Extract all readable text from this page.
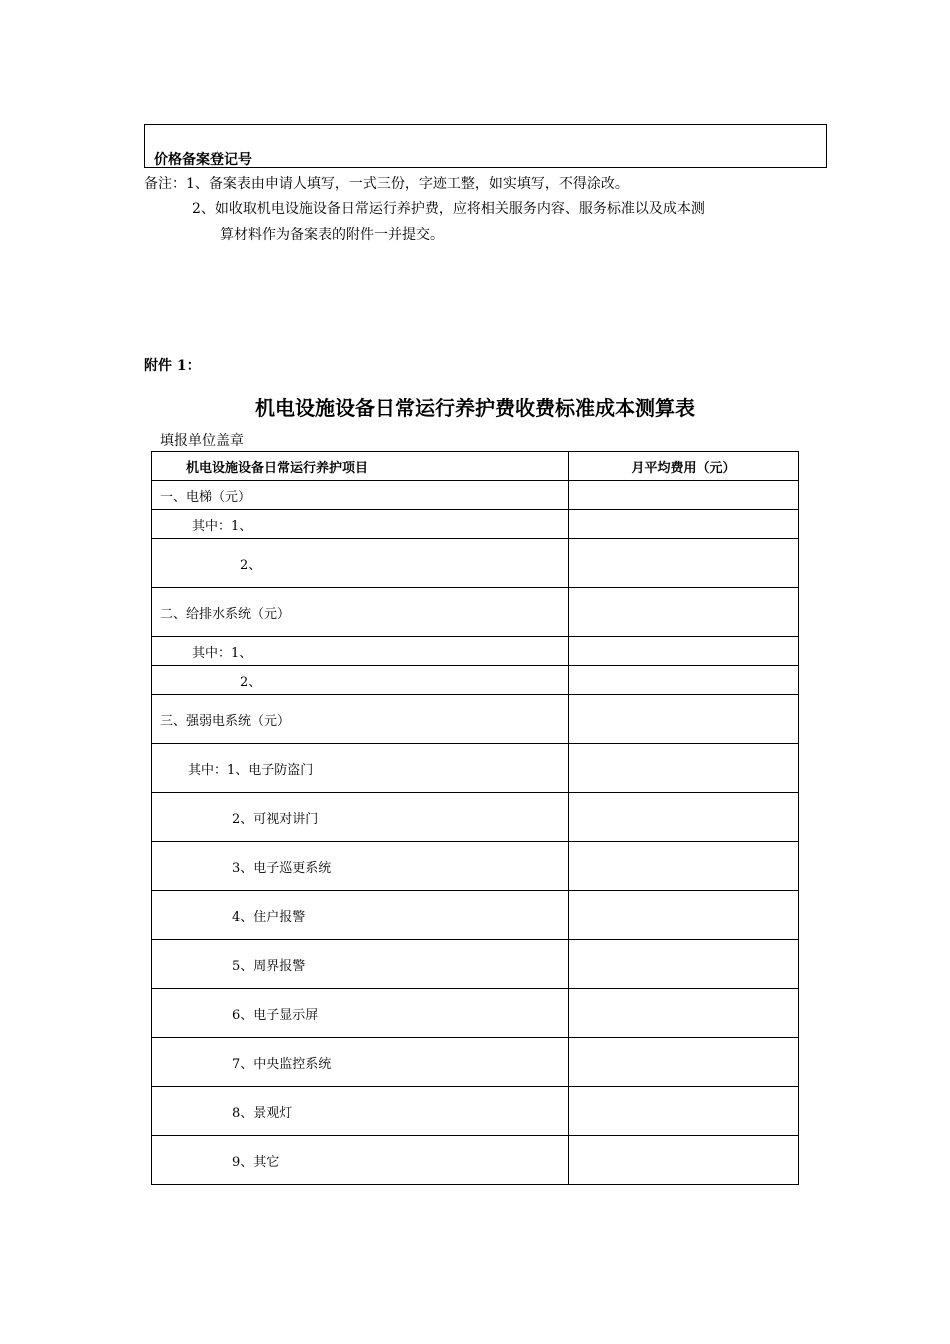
价格备案登记号
备注：1、备案表由申请人填写，一式三份，字迹工整，如实填写，不得涂改。
2、如收取机电设施设备日常运行养护费，应将相关服务内容、服务标准以及成本测
算材料作为备案表的附件一并提交。
附件 1：
机电设施设备日常运行养护费收费标准成本测算表
填报单位盖章
机电设施设备日常运行养护项目	月平均费用（元）
一、电梯（元）	
其中：1、	
2、	
二、给排水系统（元）	
其中：1、	
2、	
三、强弱电系统（元）	
其中：1、电子防盗门	
2、可视对讲门	
3、电子巡更系统	
4、住户报警	
5、周界报警	
6、电子显示屏	
7、中央监控系统	
8、景观灯	
9、其它	
